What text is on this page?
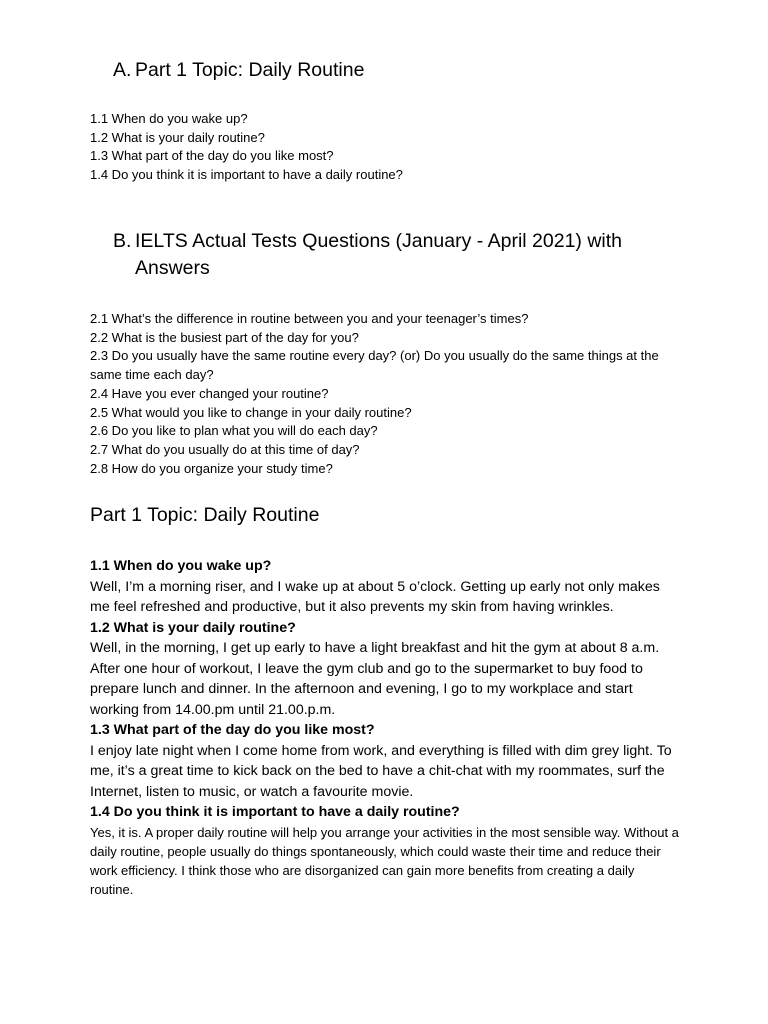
A. Part 1 Topic: Daily Routine
1.1 When do you wake up?
1.2 What is your daily routine?
1.3 What part of the day do you like most?
1.4 Do you think it is important to have a daily routine?
B. IELTS Actual Tests Questions (January - April 2021) with Answers
2.1 What’s the difference in routine between you and your teenager’s times?
2.2 What is the busiest part of the day for you?
2.3 Do you usually have the same routine every day? (or) Do you usually do the same things at the same time each day?
2.4 Have you ever changed your routine?
2.5 What would you like to change in your daily routine?
2.6 Do you like to plan what you will do each day?
2.7 What do you usually do at this time of day?
2.8 How do you organize your study time?
Part 1 Topic: Daily Routine
1.1 When do you wake up?
Well, I’m a morning riser, and I wake up at about 5 o’clock. Getting up early not only makes me feel refreshed and productive, but it also prevents my skin from having wrinkles.
1.2 What is your daily routine?
Well, in the morning, I get up early to have a light breakfast and hit the gym at about 8 a.m. After one hour of workout, I leave the gym club and go to the supermarket to buy food to prepare lunch and dinner. In the afternoon and evening, I go to my workplace and start working from 14.00.pm until 21.00.p.m.
1.3 What part of the day do you like most?
I enjoy late night when I come home from work, and everything is filled with dim grey light. To me, it’s a great time to kick back on the bed to have a chit-chat with my roommates, surf the Internet, listen to music, or watch a favourite movie.
1.4 Do you think it is important to have a daily routine?
Yes, it is. A proper daily routine will help you arrange your activities in the most sensible way. Without a daily routine, people usually do things spontaneously, which could waste their time and reduce their work efficiency. I think those who are disorganized can gain more benefits from creating a daily routine.
